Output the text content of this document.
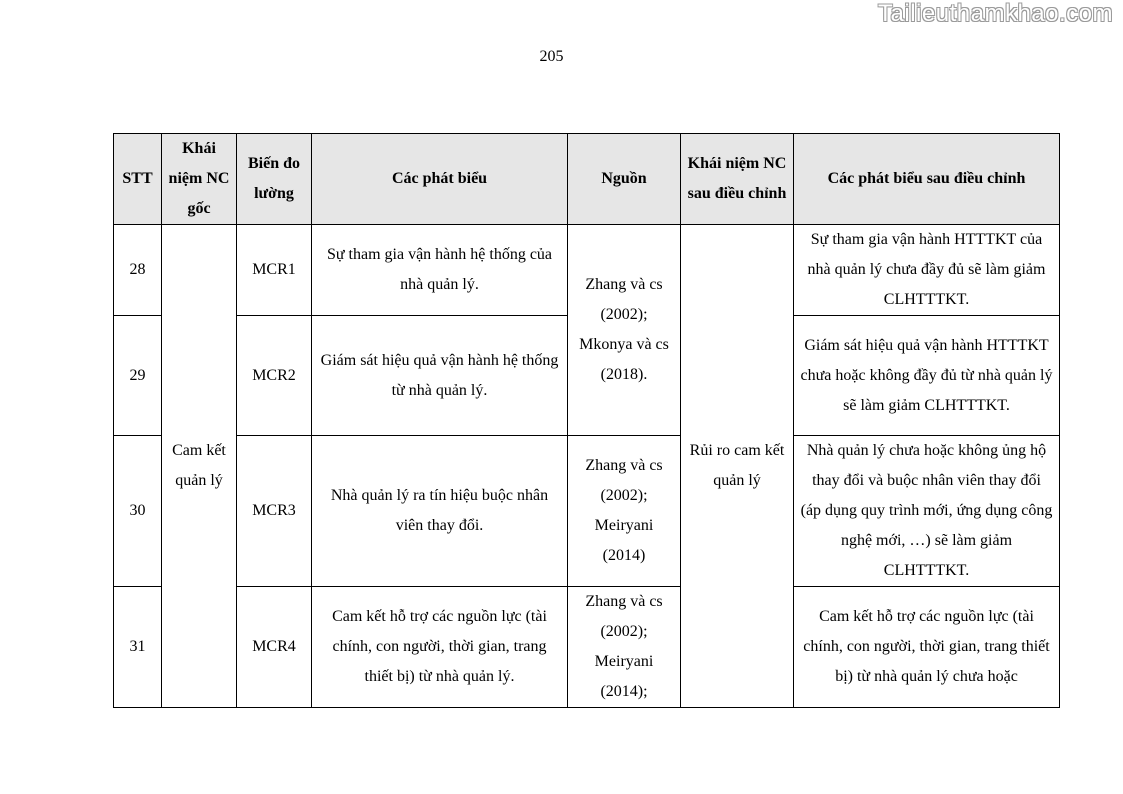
Tailieuthamkhao.com
205
STT	Khái niệm NC gốc	Biến đo lường	Các phát biểu	Nguồn	Khái niệm NC sau điều chỉnh	Các phát biểu sau điều chỉnh
28	Cam kết quản lý	MCR1	Sự tham gia vận hành hệ thống của nhà quản lý.	Zhang và cs (2002); Mkonya và cs (2018).	Rủi ro cam kết quản lý	Sự tham gia vận hành HTTTKT của nhà quản lý chưa đầy đủ sẽ làm giảm CLHTTTKT.
29		MCR2	Giám sát hiệu quả vận hành hệ thống từ nhà quản lý.			Giám sát hiệu quả vận hành HTTTKT chưa hoặc không đầy đủ từ nhà quản lý sẽ làm giảm CLHTTTKT.
30		MCR3	Nhà quản lý ra tín hiệu buộc nhân viên thay đổi.	Zhang và cs (2002); Meiryani (2014)		Nhà quản lý chưa hoặc không ủng hộ thay đổi và buộc nhân viên thay đổi (áp dụng quy trình mới, ứng dụng công nghệ mới, …) sẽ làm giảm CLHTTTKT.
31		MCR4	Cam kết hỗ trợ các nguồn lực (tài chính, con người, thời gian, trang thiết bị) từ nhà quản lý.	Zhang và cs (2002); Meiryani (2014);		Cam kết hỗ trợ các nguồn lực (tài chính, con người, thời gian, trang thiết bị) từ nhà quản lý chưa hoặc
